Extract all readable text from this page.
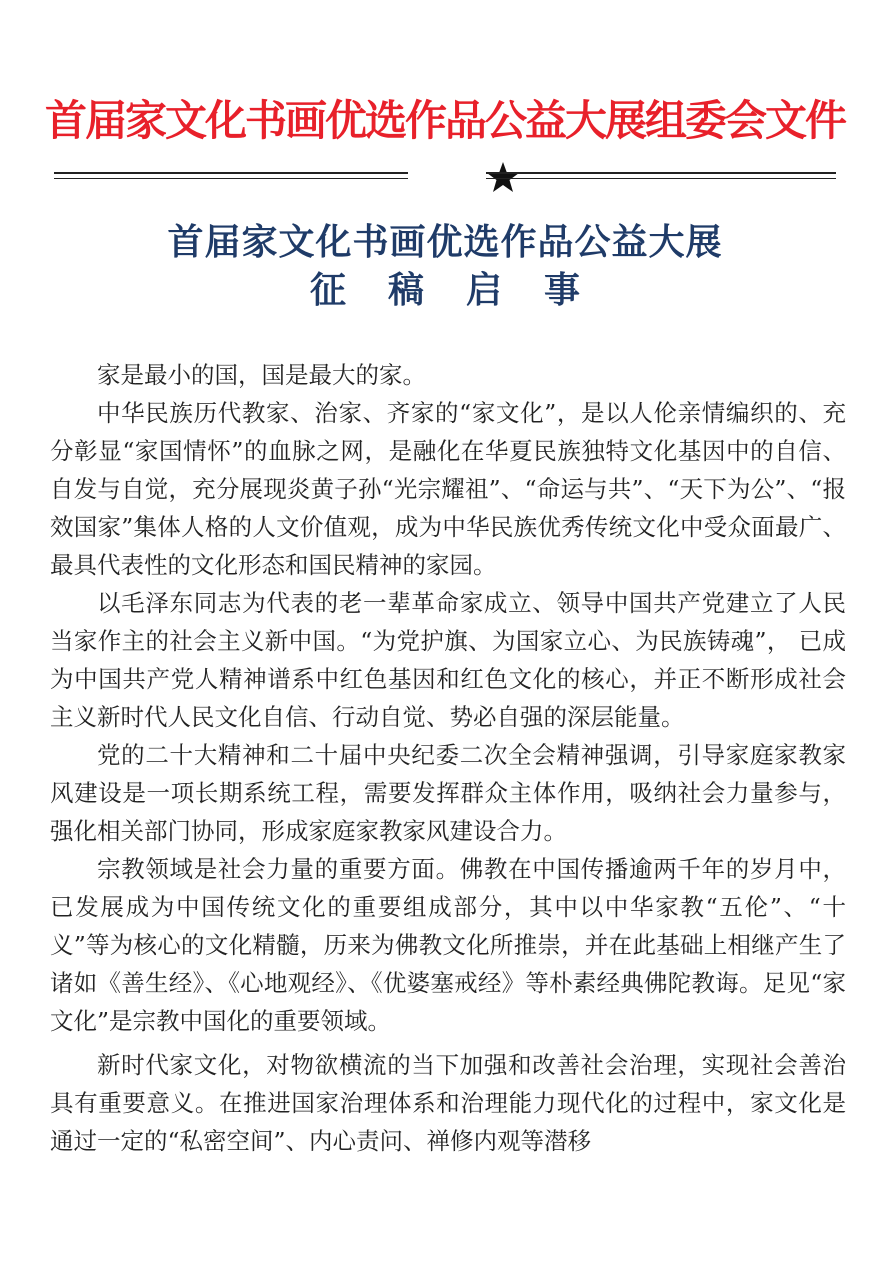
首届家文化书画优选作品公益大展组委会文件
首届家文化书画优选作品公益大展
征稿启事

家是最小的国，国是最大的家。

中华民族历代教家、治家、齐家的“家文化”，是以人伦亲情编织的、充分彰显“家国情怀”的血脉之网，是融化在华夏民族独特文化基因中的自信、自发与自觉，充分展现炎黄子孙“光宗耀祖”、“命运与共”、“天下为公”、“报效国家”集体人格的人文价值观，成为中华民族优秀传统文化中受众面最广、最具代表性的文化形态和国民精神的家园。

以毛泽东同志为代表的老一辈革命家成立、领导中国共产党建立了人民当家作主的社会主义新中国。“为党护旗、为国家立心、为民族铸魂”， 已成为中国共产党人精神谱系中红色基因和红色文化的核心，并正不断形成社会主义新时代人民文化自信、行动自觉、势必自强的深层能量。

党的二十大精神和二十届中央纪委二次全会精神强调，引导家庭家教家风建设是一项长期系统工程，需要发挥群众主体作用，吸纳社会力量参与，强化相关部门协同，形成家庭家教家风建设合力。

宗教领域是社会力量的重要方面。佛教在中国传播逾两千年的岁月中，已发展成为中国传统文化的重要组成部分，其中以中华家教“五伦”、“十义”等为核心的文化精髓，历来为佛教文化所推崇，并在此基础上相继产生了诸如《善生经》、《心地观经》、《优婆塞戒经》等朴素经典佛陀教诲。足见“家文化”是宗教中国化的重要领域。

新时代家文化，对物欲横流的当下加强和改善社会治理，实现社会善治具有重要意义。在推进国家治理体系和治理能力现代化的过程中，家文化是通过一定的“私密空间”、内心责问、禅修内观等潜移
